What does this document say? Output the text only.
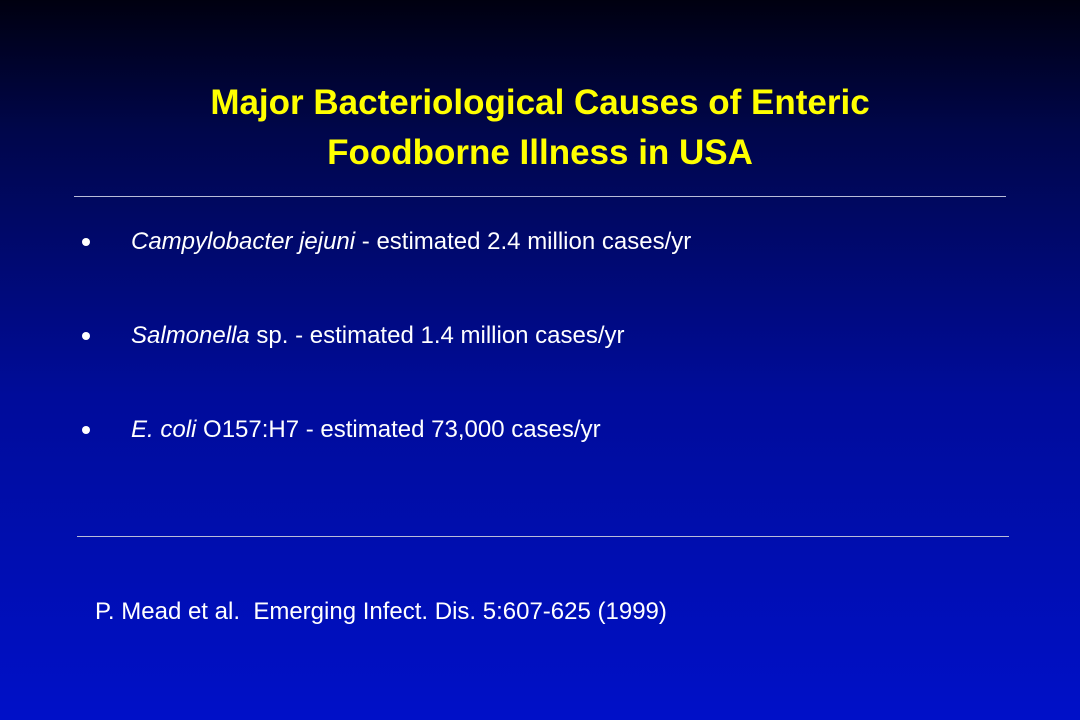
Major Bacteriological Causes of Enteric
Foodborne Illness in USA
Campylobacter jejuni - estimated 2.4 million cases/yr
Salmonella sp. - estimated 1.4 million cases/yr
E. coli O157:H7 - estimated 73,000 cases/yr
P. Mead et al.  Emerging Infect. Dis. 5:607-625 (1999)
